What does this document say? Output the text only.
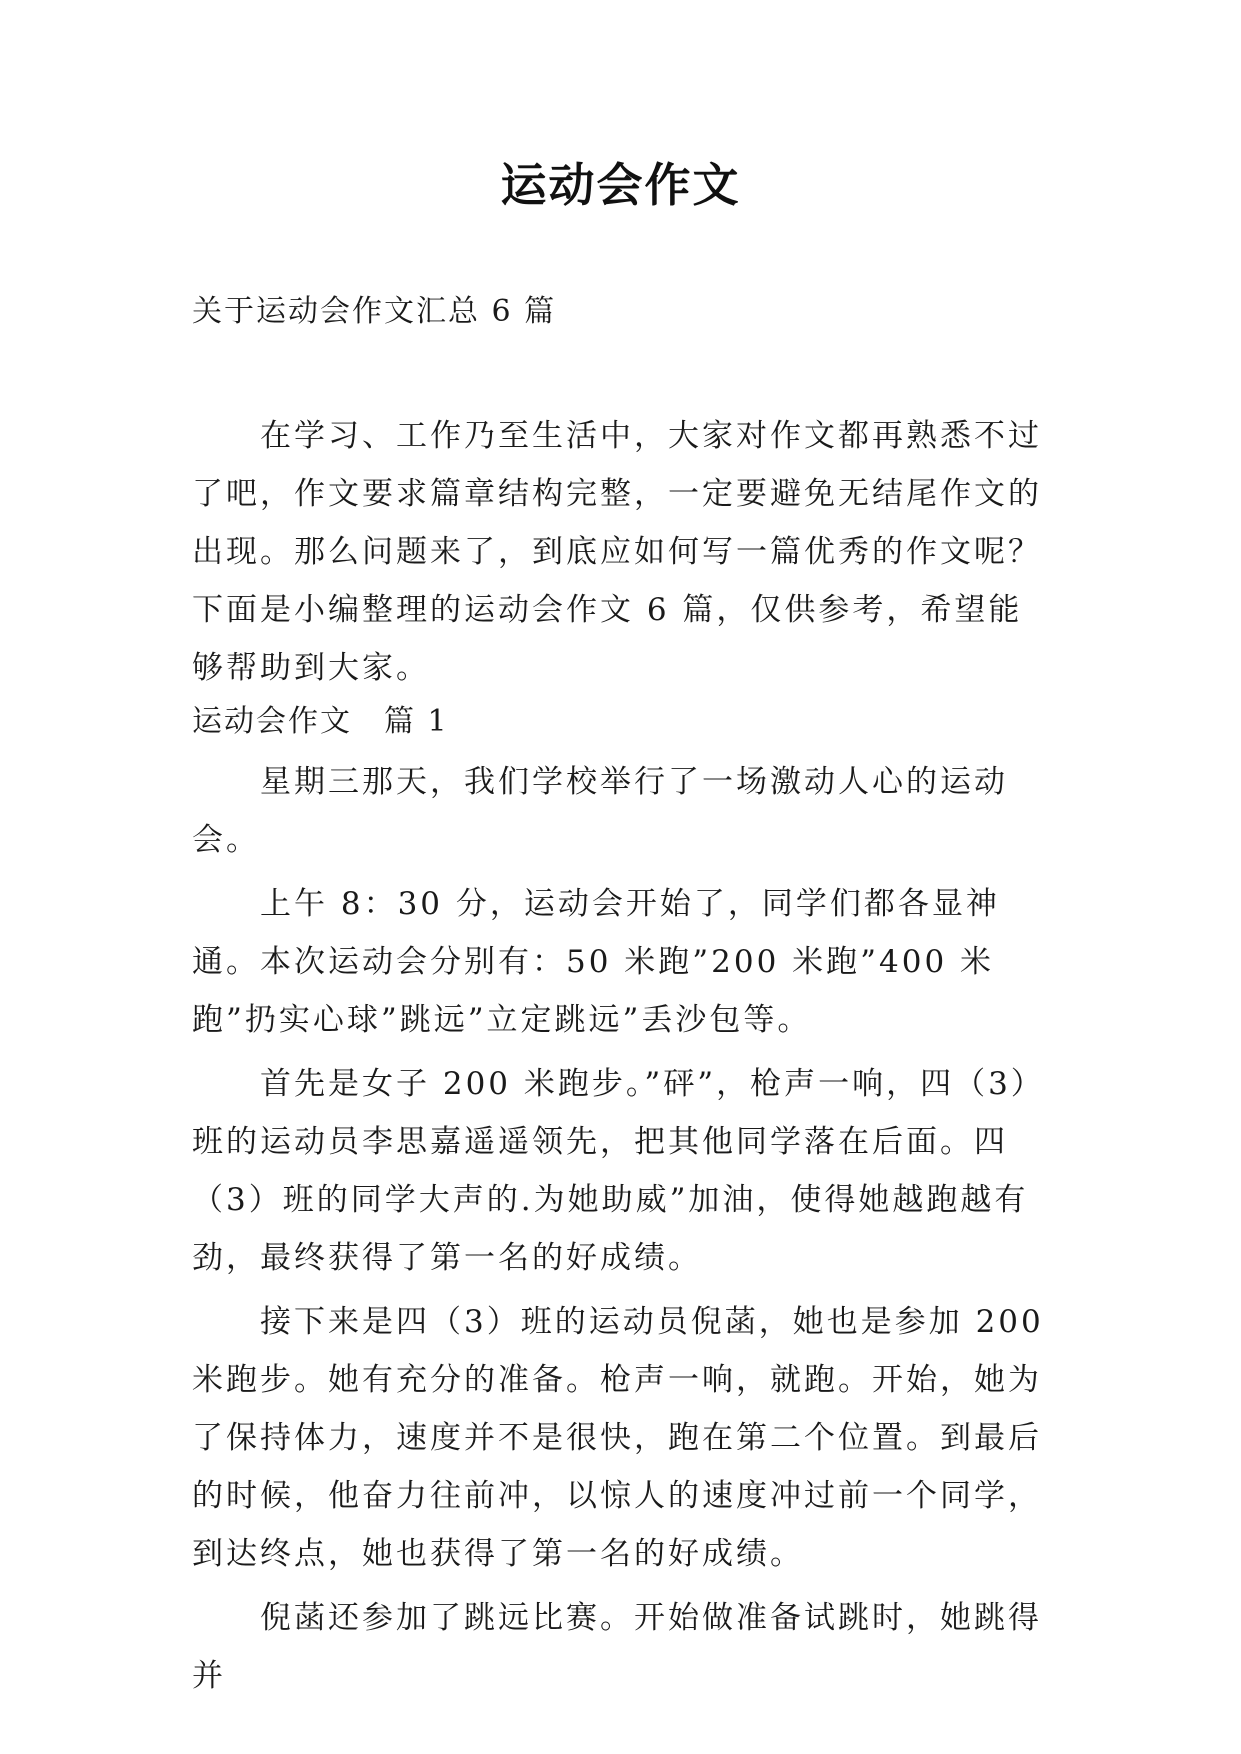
运动会作文
关于运动会作文汇总 6 篇

在学习、工作乃至生活中，大家对作文都再熟悉不过了吧，作文要求篇章结构完整，一定要避免无结尾作文的出现。那么问题来了，到底应如何写一篇优秀的作文呢？下面是小编整理的运动会作文 6 篇，仅供参考，希望能够帮助到大家。

运动会作文　篇 1

星期三那天，我们学校举行了一场激动人心的运动会。

上午 8：30 分，运动会开始了，同学们都各显神通。本次运动会分别有：50 米跑”200 米跑”400 米跑”扔实心球”跳远”立定跳远”丢沙包等。

首先是女子 200 米跑步。”砰”，枪声一响，四（3）班的运动员李思嘉遥遥领先，把其他同学落在后面。四（3）班的同学大声的.为她助威”加油，使得她越跑越有劲，最终获得了第一名的好成绩。

接下来是四（3）班的运动员倪菡，她也是参加 200 米跑步。她有充分的准备。枪声一响，就跑。开始，她为了保持体力，速度并不是很快，跑在第二个位置。到最后的时候，他奋力往前冲，以惊人的速度冲过前一个同学，到达终点，她也获得了第一名的好成绩。

倪菡还参加了跳远比赛。开始做准备试跳时，她跳得并
